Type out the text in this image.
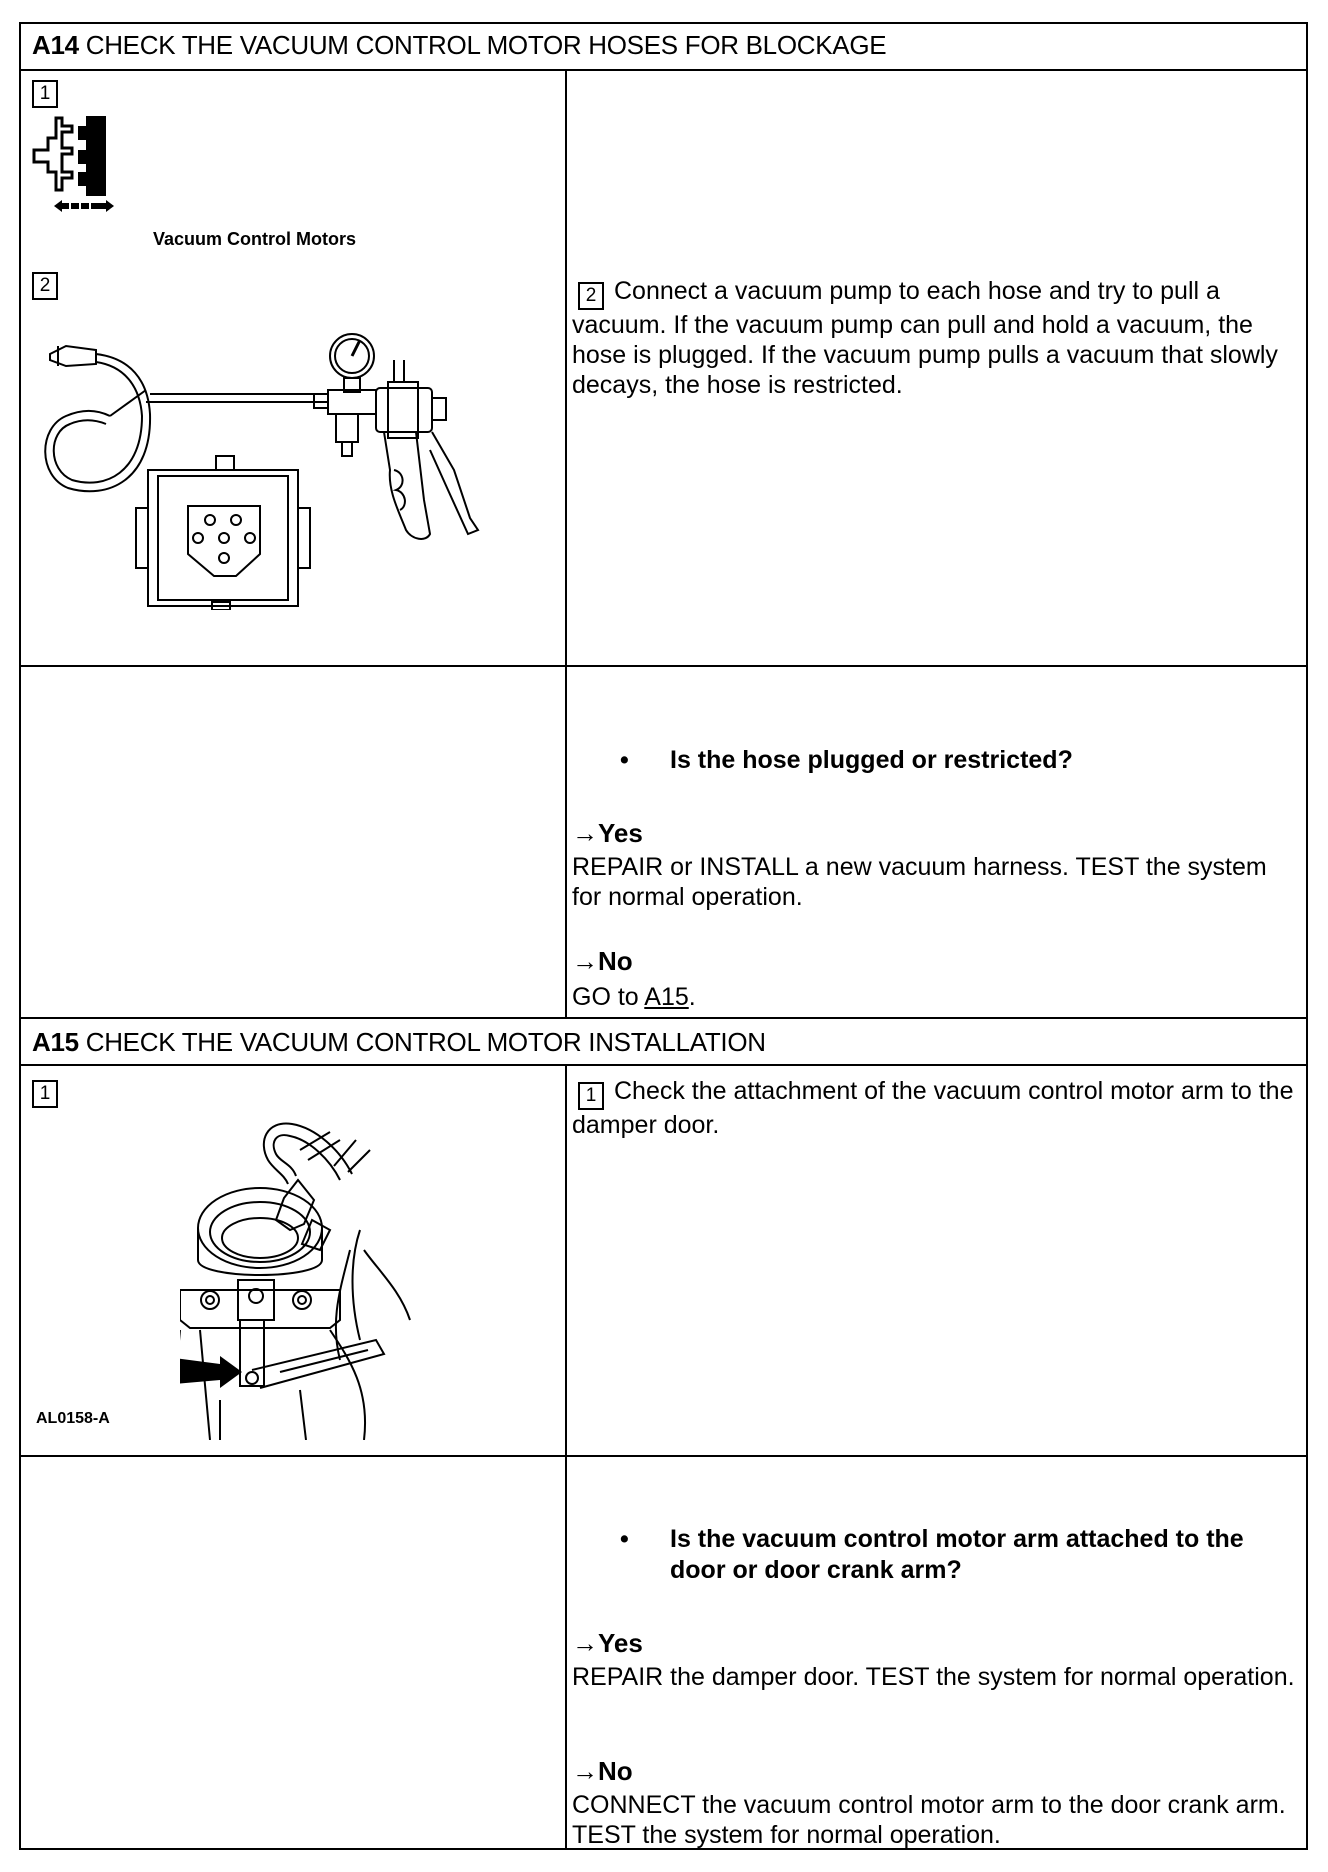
A14 CHECK THE VACUUM CONTROL MOTOR HOSES FOR BLOCKAGE
1
Vacuum Control Motors
2	2 Connect a vacuum pump to each hose and try to pull a vacuum. If the vacuum pump can pull and hold a vacuum, the hose is plugged. If the vacuum pump pulls a vacuum that slowly decays, the hose is restricted.
• Is the hose plugged or restricted?
→Yes
REPAIR or INSTALL a new vacuum harness. TEST the system for normal operation.
→No
GO to A15.
A15 CHECK THE VACUUM CONTROL MOTOR INSTALLATION
1
AL0158-A
1 Check the attachment of the vacuum control motor arm to the damper door.
• Is the vacuum control motor arm attached to the door or door crank arm?
→Yes
REPAIR the damper door. TEST the system for normal operation.
→No
CONNECT the vacuum control motor arm to the door crank arm. TEST the system for normal operation.
